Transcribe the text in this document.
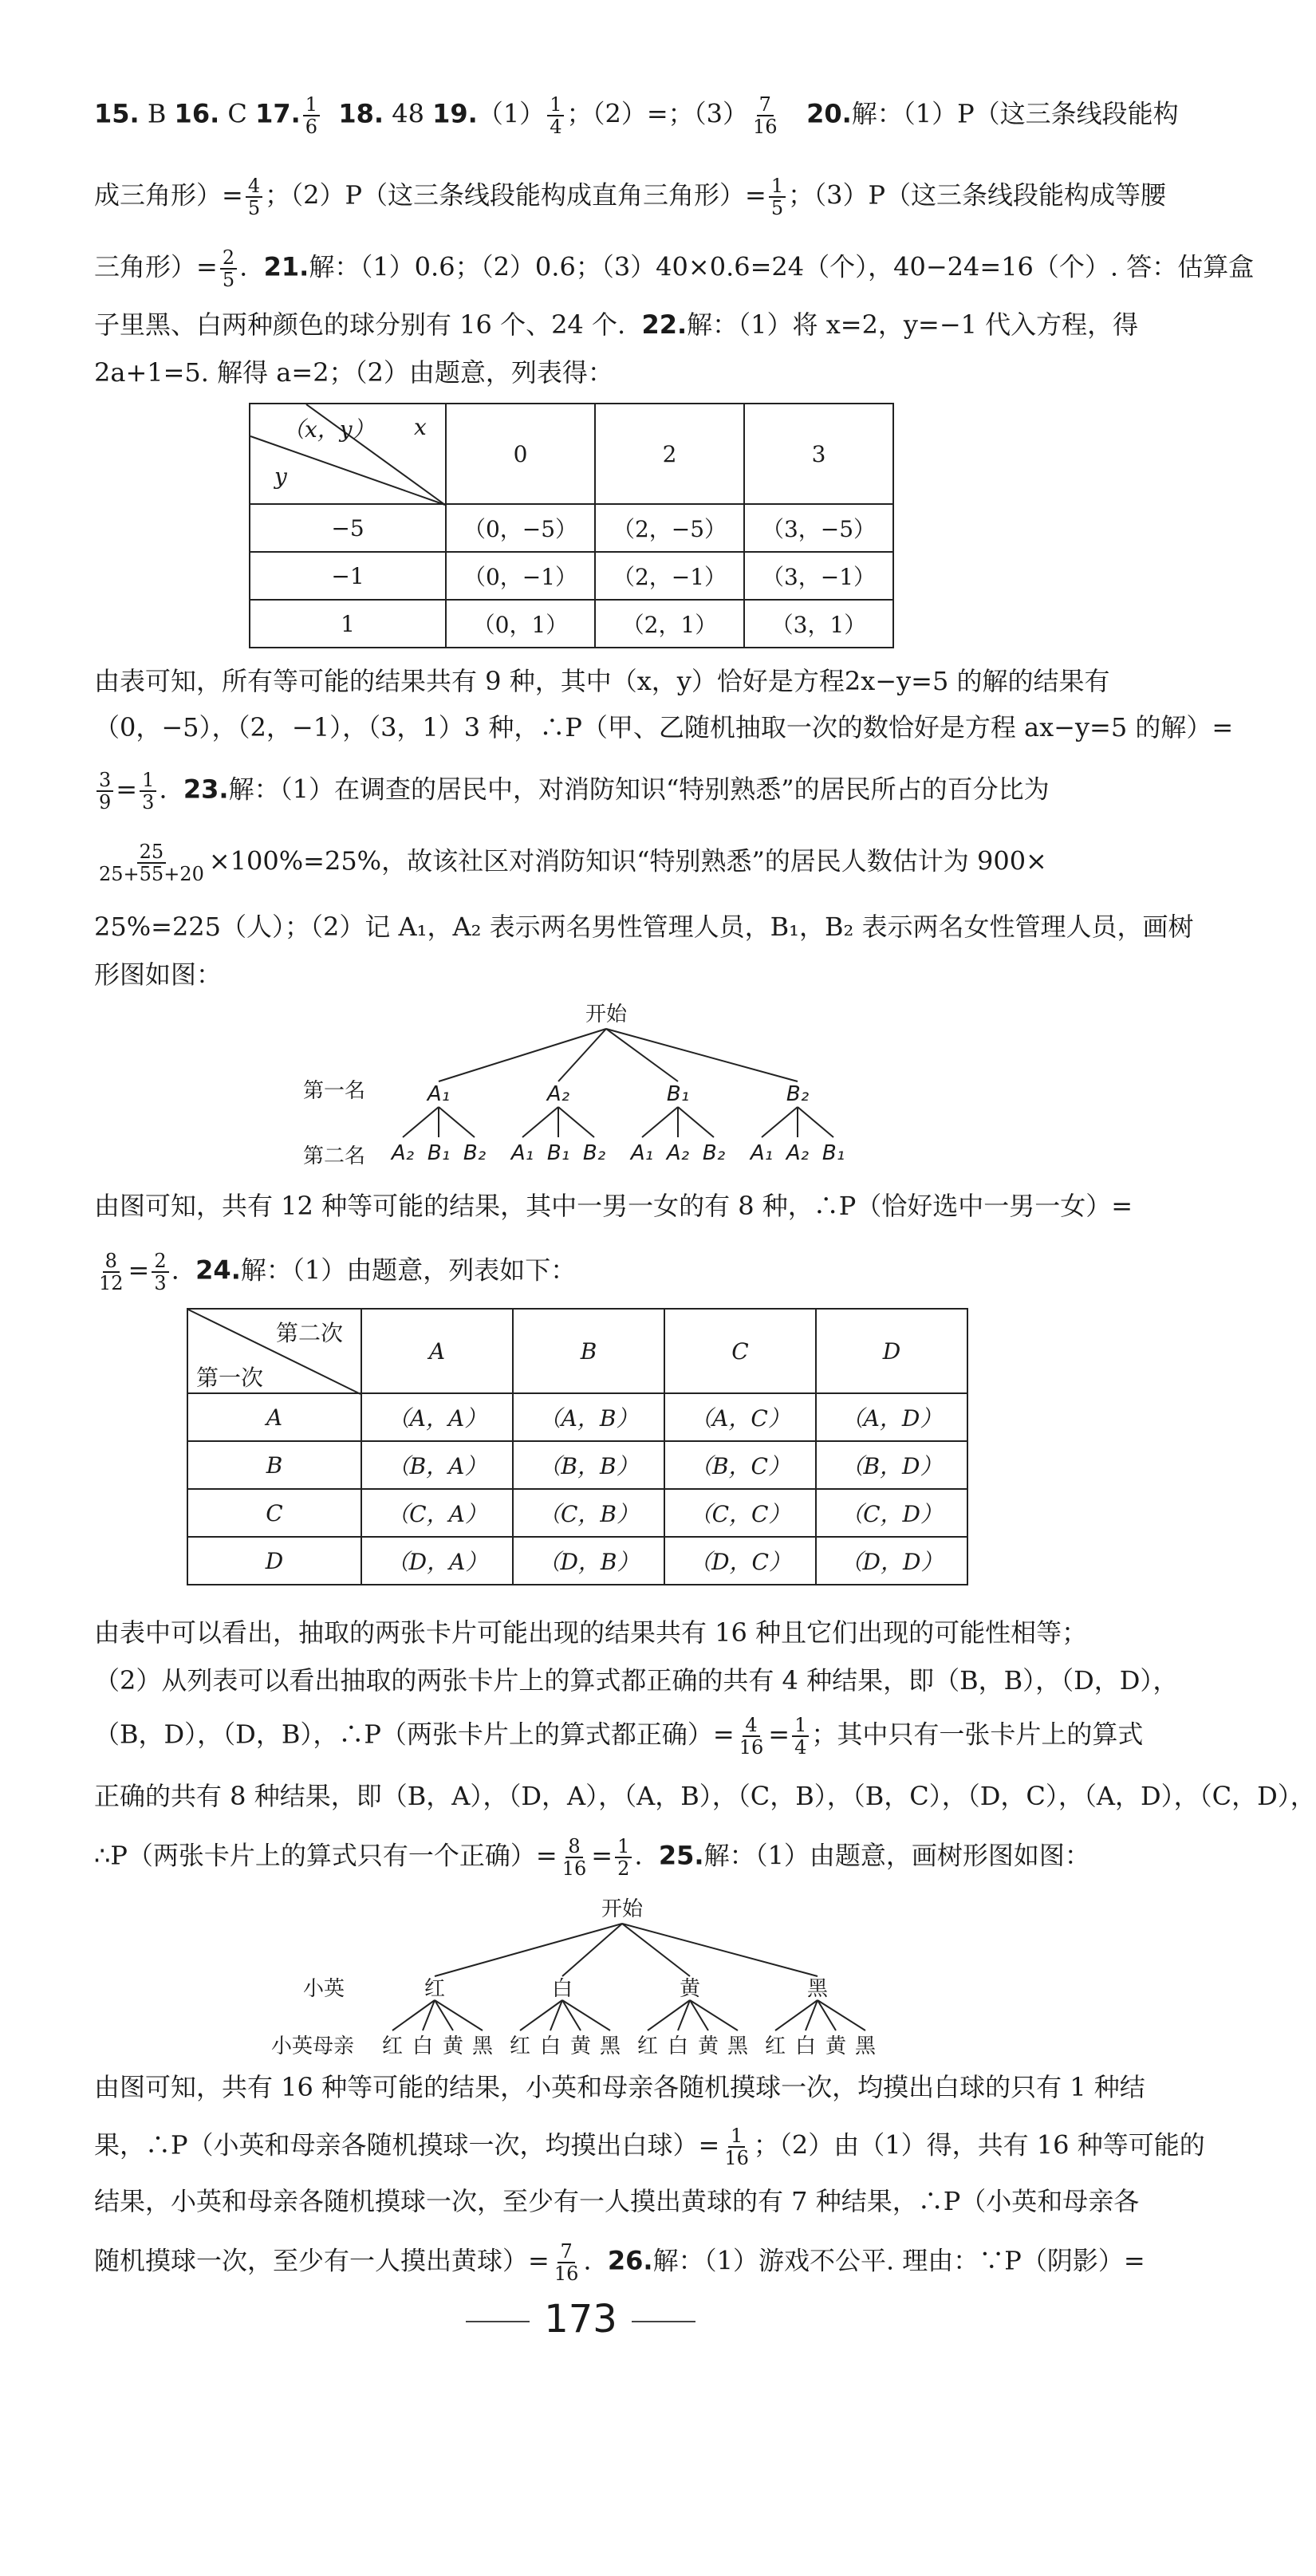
15. B 16. C 17. $\frac{1}{6} 18$. 48 $19.(1) \frac{1}{4}$ ；（2）=；$(3) \frac{7}{16} 20$.解：（1）P（这三条线段能构
成三角形）= $\frac{4}{5}$ ；（2）P（这三条线段能构成直角三角形）= $\frac{1}{5}$ ；（3）P（这三条线段能构成等腰
三角形）= $\frac{2}{5}$ . 21.解：（1）0.6；（2）0.6；（3）40×0.6=24（个），40−24=16（个）. 答：估算盒
子里黑、白两种颜色的球分别有 16 个、24 个. 22.解：（1）将 x=2，y=−1 代入方程，得
2a+1=5. 解得 a=2；（2）由题意，列表得：
（x，y） x
y	0	2	3
−5	（0，−5）	（2，−5）	（3，−5）
−1	（0，−1）	（2，−1）	（3，−1）
1	（0，1）	（2，1）	（3，1）
由表可知，所有等可能的结果共有 9 种，其中（x，y）恰好是方程2x−y=5 的解的结果有
（0，−5），（2，−1），（3，1）3 种，∴P（甲、乙随机抽取一次的数恰好是方程 ax−y=5 的解）=
$\frac{3}{9} = \frac{1}{3}$ . 23.解：（1）在调查的居民中，对消防知识“特别熟悉”的居民所占的百分比为
$\frac{25}{25+55+20} \times 100\%=25\%$，故该社区对消防知识“特别熟悉”的居民人数估计为 900×
25%=225（人）；（2）记 A₁，A₂ 表示两名男性管理人员，B₁，B₂ 表示两名女性管理人员，画树
形图如图：
开始
第一名
第二名
A₁	A₂	B₁	B₂
A₂ B₁ B₂ A₁ B₁ B₂ A₁ A₂ B₂ A₁ A₂ B₁
由图可知，共有 12 种等可能的结果，其中一男一女的有 8 种，∴P（恰好选中一男一女）=
$\frac{8}{12} = \frac{2}{3}$ . 24.解：（1）由题意，列表如下：
第二次
第一次	A	B	C	D
A	（A，A）	（A，B）	（A，C）	（A，D）
B	（B，A）	（B，B）	（B，C）	（B，D）
C	（C，A）	（C，B）	（C，C）	（C，D）
D	（D，A）	（D，B）	（D，C）	（D，D）
由表中可以看出，抽取的两张卡片可能出现的结果共有 16 种且它们出现的可能性相等；
（2）从列表可以看出抽取的两张卡片上的算式都正确的共有 4 种结果，即（B，B），（D，D），
（B，D），（D，B），∴P（两张卡片上的算式都正确）= $\frac{4}{16} = \frac{1}{4}$ ；其中只有一张卡片上的算式
正确的共有 8 种结果，即（B，A），（D，A），（A，B），（C，B），（B，C），（D，C），（A，D），（C，D），
∴P（两张卡片上的算式只有一个正确）= $\frac{8}{16} = \frac{1}{2}$ . 25.解：（1）由题意，画树形图如图：
开始
小英
小英母亲
红	白	黄	黑
红 白 黄 黑 红 白 黄 黑 红 白 黄 黑 红 白 黄 黑
由图可知，共有 16 种等可能的结果，小英和母亲各随机摸球一次，均摸出白球的只有 1 种结
果，∴P（小英和母亲各随机摸球一次，均摸出白球）= $\frac{1}{16}$ ；（2）由（1）得，共有 16 种等可能的
结果，小英和母亲各随机摸球一次，至少有一人摸出黄球的有 7 种结果，∴P（小英和母亲各
随机摸球一次，至少有一人摸出黄球）= $\frac{7}{16}$ . 26.解：（1）游戏不公平. 理由：∵P（阴影）=
173
